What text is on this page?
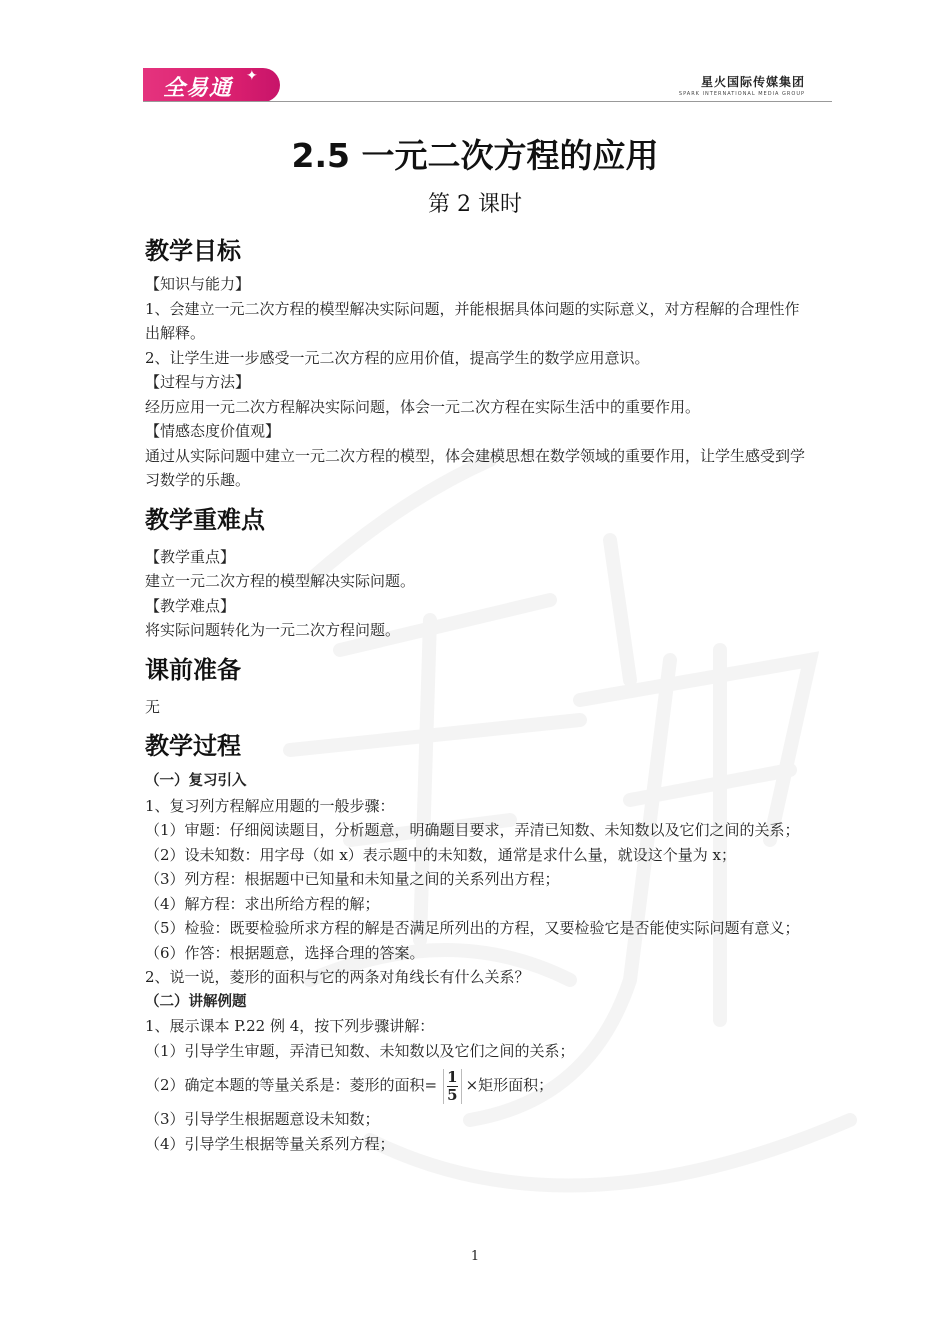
全易通 ✦	星火国际传媒集团
SPARK INTERNATIONAL MEDIA GROUP
2.5 一元二次方程的应用
第 2 课时
教学目标

【知识与能力】

1、会建立一元二次方程的模型解决实际问题，并能根据具体问题的实际意义，对方程解的合理性作出解释。

2、让学生进一步感受一元二次方程的应用价值，提高学生的数学应用意识。

【过程与方法】

经历应用一元二次方程解决实际问题，体会一元二次方程在实际生活中的重要作用。

【情感态度价值观】

通过从实际问题中建立一元二次方程的模型，体会建模思想在数学领域的重要作用，让学生感受到学习数学的乐趣。

教学重难点

【教学重点】

建立一元二次方程的模型解决实际问题。

【教学难点】

将实际问题转化为一元二次方程问题。

课前准备

无

教学过程

（一）复习引入

1、复习列方程解应用题的一般步骤：

（1）审题：仔细阅读题目，分析题意，明确题目要求，弄清已知数、未知数以及它们之间的关系；

（2）设未知数：用字母（如 x）表示题中的未知数，通常是求什么量，就设这个量为 x；

（3）列方程：根据题中已知量和未知量之间的关系列出方程；

（4）解方程：求出所给方程的解；

（5）检验：既要检验所求方程的解是否满足所列出的方程，又要检验它是否能使实际问题有意义；

（6）作答：根据题意，选择合理的答案。

2、说一说，菱形的面积与它的两条对角线长有什么关系？

（二）讲解例题

1、展示课本 P.22 例 4，按下列步骤讲解：

（1）引导学生审题，弄清已知数、未知数以及它们之间的关系；

（2）确定本题的等量关系是：菱形的面积= $\frac{1}{5}$ ×矩形面积；

（3）引导学生根据题意设未知数；

（4）引导学生根据等量关系列方程；

1
